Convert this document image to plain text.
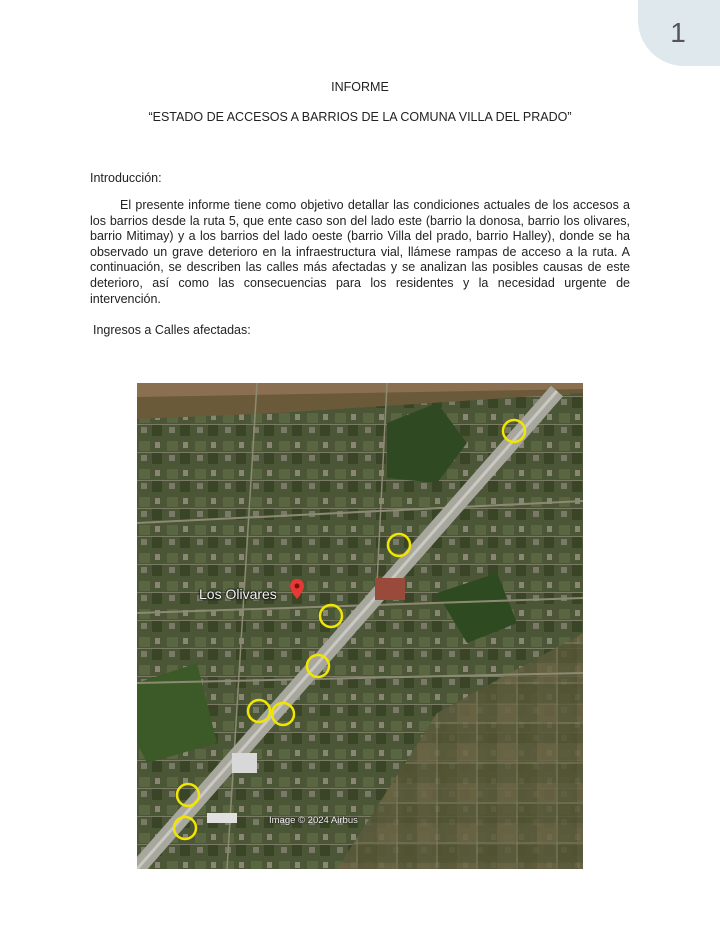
1
INFORME
“ESTADO DE ACCESOS A BARRIOS DE LA COMUNA VILLA DEL PRADO”
Introducción:

El presente informe tiene como objetivo detallar las condiciones actuales de los accesos a los barrios desde la ruta 5, que ente caso son del lado este (barrio la donosa, barrio los olivares, barrio Mitimay) y a los barrios del lado oeste (barrio Villa del prado, barrio Halley), donde se ha observado un grave deterioro en la infraestructura vial, llámese rampas de acceso a la ruta. A continuación, se describen las calles más afectadas y se analizan las posibles causas de este deterioro, así como las consecuencias para los residentes y la necesidad urgente de intervención.

Ingresos a Calles afectadas:
Los Olivares
Image © 2024 Airbus
